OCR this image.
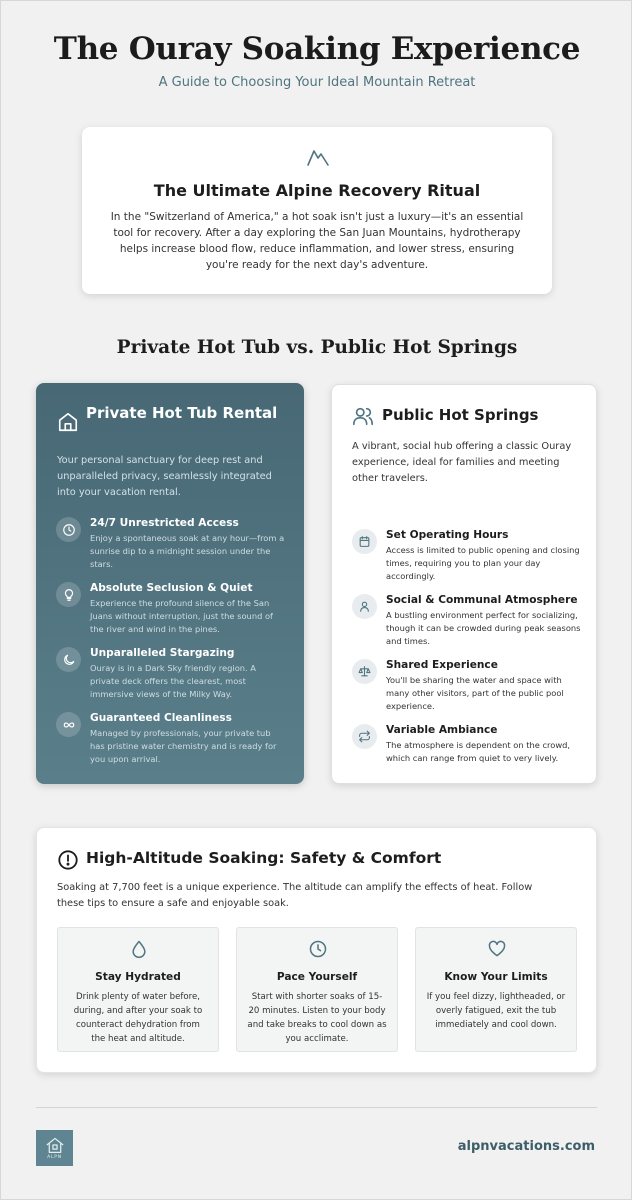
The Ouray Soaking Experience
A Guide to Choosing Your Ideal Mountain Retreat
The Ultimate Alpine Recovery Ritual
In the "Switzerland of America," a hot soak isn't just a luxury—it's an essential tool for recovery. After a day exploring the San Juan Mountains, hydrotherapy helps increase blood flow, reduce inflammation, and lower stress, ensuring you're ready for the next day's adventure.
Private Hot Tub vs. Public Hot Springs
Private Hot Tub Rental
Your personal sanctuary for deep rest and unparalleled privacy, seamlessly integrated into your vacation rental.
24/7 Unrestricted Access
Enjoy a spontaneous soak at any hour—from a sunrise dip to a midnight session under the stars.
Absolute Seclusion & Quiet
Experience the profound silence of the San Juans without interruption, just the sound of the river and wind in the pines.
Unparalleled Stargazing
Ouray is in a Dark Sky friendly region. A private deck offers the clearest, most immersive views of the Milky Way.
Guaranteed Cleanliness
Managed by professionals, your private tub has pristine water chemistry and is ready for you upon arrival.
Public Hot Springs
A vibrant, social hub offering a classic Ouray experience, ideal for families and meeting other travelers.
Set Operating Hours
Access is limited to public opening and closing times, requiring you to plan your day accordingly.
Social & Communal Atmosphere
A bustling environment perfect for socializing, though it can be crowded during peak seasons and times.
Shared Experience
You'll be sharing the water and space with many other visitors, part of the public pool experience.
Variable Ambiance
The atmosphere is dependent on the crowd, which can range from quiet to very lively.
High-Altitude Soaking: Safety & Comfort
Soaking at 7,700 feet is a unique experience. The altitude can amplify the effects of heat. Follow these tips to ensure a safe and enjoyable soak.
Stay Hydrated
Drink plenty of water before, during, and after your soak to counteract dehydration from the heat and altitude.
Pace Yourself
Start with shorter soaks of 15-20 minutes. Listen to your body and take breaks to cool down as you acclimate.
Know Your Limits
If you feel dizzy, lightheaded, or overly fatigued, exit the tub immediately and cool down.
ALPN
alpnvacations.com
